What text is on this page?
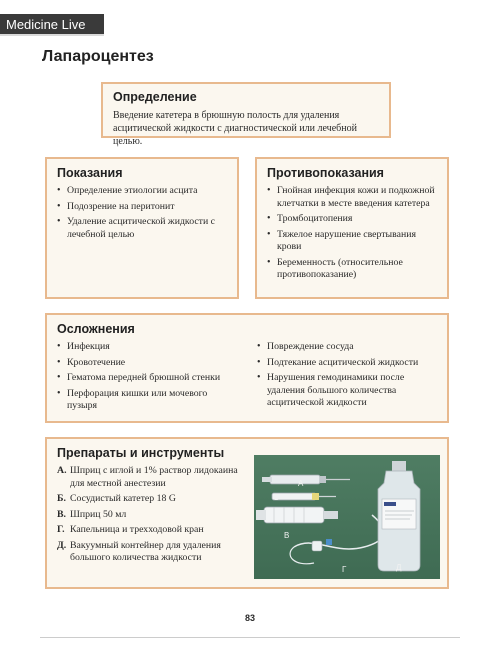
Medicine Live
Лапароцентез
Определение

Введение катетера в брюшную полость для удаления асцитической жидкости с диагностической или лечебной целью.

Показания
• Определение этиологии асцита
• Подозрение на перитонит
• Удаление асцитической жидкости с лечебной целью
Противопоказания
• Гнойная инфекция кожи и подкожной клетчатки в месте введения катетера
• Тромбоцитопения
• Тяжелое нарушение свертывания крови
• Беременность (относительное противопоказание)
Осложнения
• Инфекция
• Кровотечение
• Гематома передней брюшной стенки
• Перфорация кишки или мочевого пузыря
• Повреждение сосуда
• Подтекание асцитической жидкости
• Нарушения гемодинамики после удаления большого количества асцитической жидкости
Препараты и инструменты
А. Шприц с иглой и 1% раствор лидокаина для местной анестезии
Б. Сосудистый катетер 18 G
В. Шприц 50 мл
Г. Капельница и трехходовой кран
Д. Вакуумный контейнер для удаления большого количества жидкости
А
Б
В
Г	Д
83
